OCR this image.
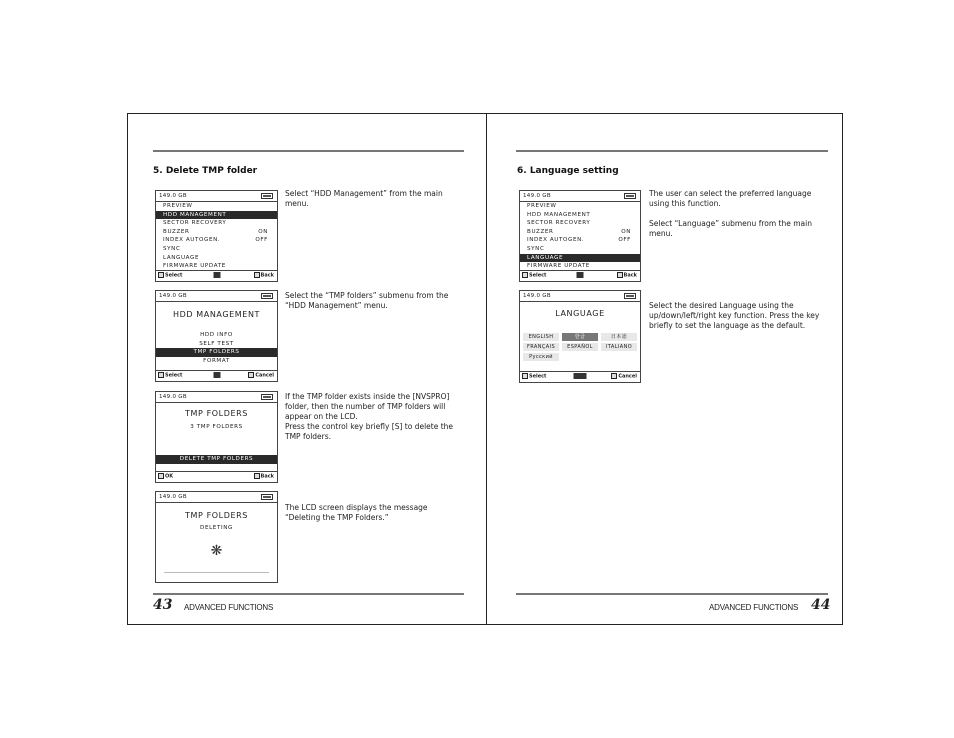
5. Delete TMP folder
149.0 GB
PREVIEW
HDD MANAGEMENT
SECTOR RECOVERY
BUZZER	ON
INDEX AUTOGEN.	OFF
SYNC
LANGUAGE
FIRMWARE UPDATE
Select	Back

Select “HDD Management” from the main menu.

149.0 GB
HDD MANAGEMENT
HDD INFO
SELF TEST
TMP FOLDERS
FORMAT
Select	Cancel

Select the “TMP folders” submenu from the “HDD Management” menu.

149.0 GB
TMP FOLDERS
3 TMP FOLDERS
DELETE TMP FOLDERS
OK	Back

If the TMP folder exists inside the [NVSPRO] folder, then the number of TMP folders will appear on the LCD.

Press the control key briefly [S] to delete the TMP folders.

149.0 GB
TMP FOLDERS
DELETING
❋

The LCD screen displays the message “Deleting the TMP Folders.”

43 ADVANCED FUNCTIONS
6. Language setting
149.0 GB
PREVIEW
HDD MANAGEMENT
SECTOR RECOVERY
BUZZER	ON
INDEX AUTOGEN.	OFF
SYNC
LANGUAGE
FIRMWARE UPDATE
Select	Back

The user can select the preferred language using this function.

Select “Language” submenu from the main menu.

149.0 GB
LANGUAGE
ENGLISH	한글	日本語
FRANÇAIS	ESPAÑOL	ITALIANO
Русский
Select	Cancel

Select the desired Language using the up/down/left/right key function. Press the key briefly to set the language as the default.

ADVANCED FUNCTIONS 44
